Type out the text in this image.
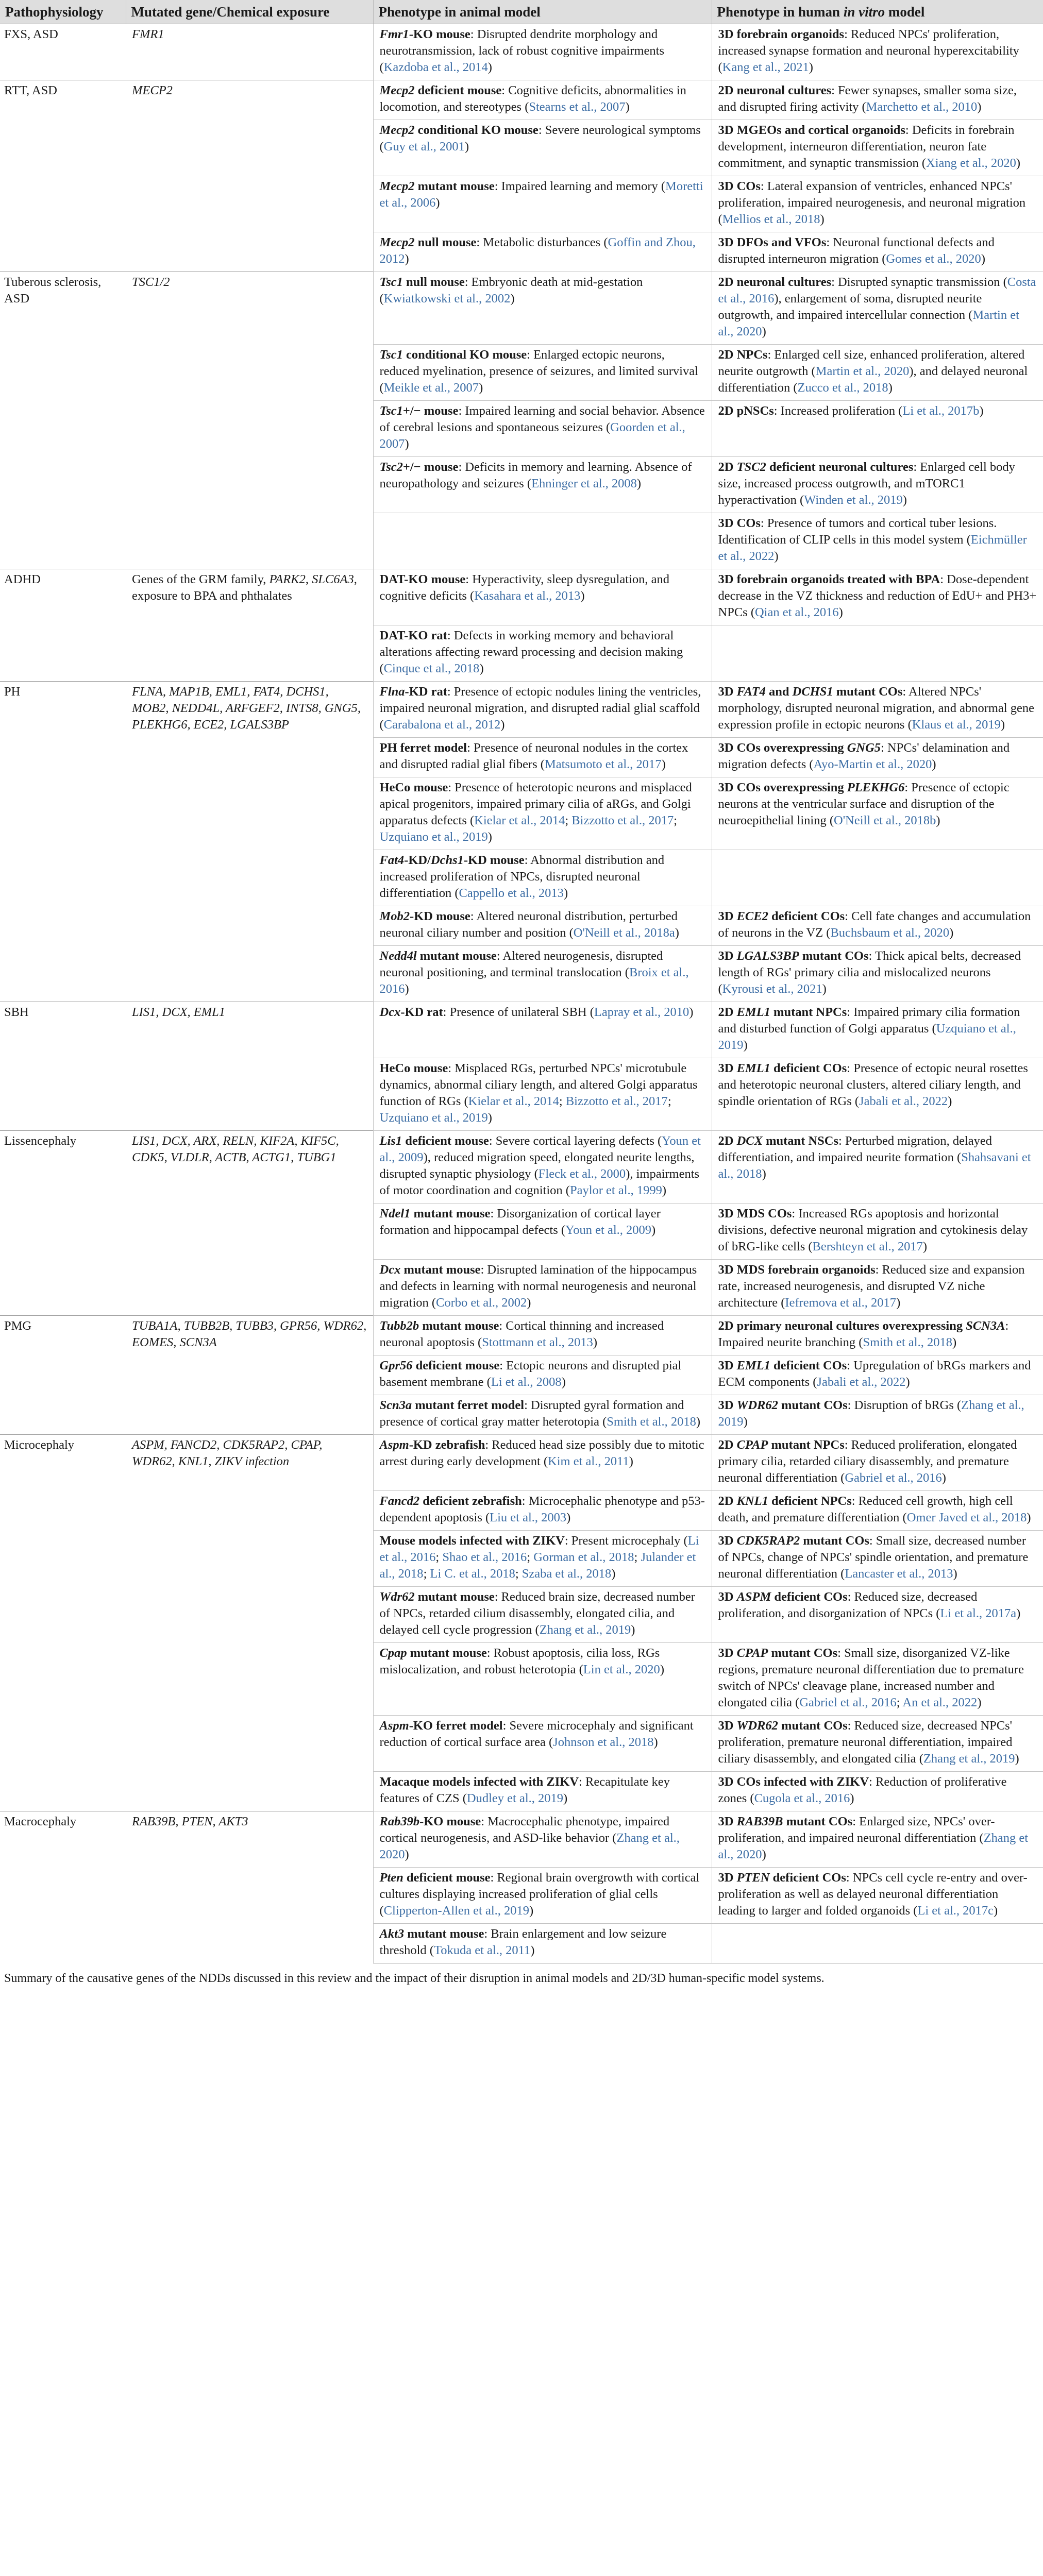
Pathophysiology	Mutated gene/Chemical exposure	Phenotype in animal model	Phenotype in human in vitro model
FXS, ASD	FMR1	Fmr1-KO mouse: Disrupted dendrite morphology and neurotransmission, lack of robust cognitive impairments (Kazdoba et al., 2014)	3D forebrain organoids: Reduced NPCs' proliferation, increased synapse formation and neuronal hyperexcitability (Kang et al., 2021)
RTT, ASD	MECP2	Mecp2 deficient mouse: Cognitive deficits, abnormalities in locomotion, and stereotypes (Stearns et al., 2007)	2D neuronal cultures: Fewer synapses, smaller soma size, and disrupted firing activity (Marchetto et al., 2010)
		Mecp2 conditional KO mouse: Severe neurological symptoms (Guy et al., 2001)	3D MGEOs and cortical organoids: Deficits in forebrain development, interneuron differentiation, neuron fate commitment, and synaptic transmission (Xiang et al., 2020)
		Mecp2 mutant mouse: Impaired learning and memory (Moretti et al., 2006)	3D COs: Lateral expansion of ventricles, enhanced NPCs' proliferation, impaired neurogenesis, and neuronal migration (Mellios et al., 2018)
		Mecp2 null mouse: Metabolic disturbances (Goffin and Zhou, 2012)	3D DFOs and VFOs: Neuronal functional defects and disrupted interneuron migration (Gomes et al., 2020)
Tuberous sclerosis, ASD	TSC1/2	Tsc1 null mouse: Embryonic death at mid-gestation (Kwiatkowski et al., 2002)	2D neuronal cultures: Disrupted synaptic transmission (Costa et al., 2016), enlargement of soma, disrupted neurite outgrowth, and impaired intercellular connection (Martin et al., 2020)
		Tsc1 conditional KO mouse: Enlarged ectopic neurons, reduced myelination, presence of seizures, and limited survival (Meikle et al., 2007)	2D NPCs: Enlarged cell size, enhanced proliferation, altered neurite outgrowth (Martin et al., 2020), and delayed neuronal differentiation (Zucco et al., 2018)
		Tsc1+/− mouse: Impaired learning and social behavior. Absence of cerebral lesions and spontaneous seizures (Goorden et al., 2007)	2D pNSCs: Increased proliferation (Li et al., 2017b)
		Tsc2+/− mouse: Deficits in memory and learning. Absence of neuropathology and seizures (Ehninger et al., 2008)	2D TSC2 deficient neuronal cultures: Enlarged cell body size, increased process outgrowth, and mTORC1 hyperactivation (Winden et al., 2019)
			3D COs: Presence of tumors and cortical tuber lesions. Identification of CLIP cells in this model system (Eichmüller et al., 2022)
ADHD	Genes of the GRM family, PARK2, SLC6A3, exposure to BPA and phthalates	DAT-KO mouse: Hyperactivity, sleep dysregulation, and cognitive deficits (Kasahara et al., 2013)	3D forebrain organoids treated with BPA: Dose-dependent decrease in the VZ thickness and reduction of EdU+ and PH3+ NPCs (Qian et al., 2016)
		DAT-KO rat: Defects in working memory and behavioral alterations affecting reward processing and decision making (Cinque et al., 2018)	
PH	FLNA, MAP1B, EML1, FAT4, DCHS1, MOB2, NEDD4L, ARFGEF2, INTS8, GNG5, PLEKHG6, ECE2, LGALS3BP	Flna-KD rat: Presence of ectopic nodules lining the ventricles, impaired neuronal migration, and disrupted radial glial scaffold (Carabalona et al., 2012)	3D FAT4 and DCHS1 mutant COs: Altered NPCs' morphology, disrupted neuronal migration, and abnormal gene expression profile in ectopic neurons (Klaus et al., 2019)
		PH ferret model: Presence of neuronal nodules in the cortex and disrupted radial glial fibers (Matsumoto et al., 2017)	3D COs overexpressing GNG5: NPCs' delamination and migration defects (Ayo-Martin et al., 2020)
		HeCo mouse: Presence of heterotopic neurons and misplaced apical progenitors, impaired primary cilia of aRGs, and Golgi apparatus defects (Kielar et al., 2014; Bizzotto et al., 2017; Uzquiano et al., 2019)	3D COs overexpressing PLEKHG6: Presence of ectopic neurons at the ventricular surface and disruption of the neuroepithelial lining (O'Neill et al., 2018b)
		Fat4-KD/Dchs1-KD mouse: Abnormal distribution and increased proliferation of NPCs, disrupted neuronal differentiation (Cappello et al., 2013)	
		Mob2-KD mouse: Altered neuronal distribution, perturbed neuronal ciliary number and position (O'Neill et al., 2018a)	3D ECE2 deficient COs: Cell fate changes and accumulation of neurons in the VZ (Buchsbaum et al., 2020)
		Nedd4l mutant mouse: Altered neurogenesis, disrupted neuronal positioning, and terminal translocation (Broix et al., 2016)	3D LGALS3BP mutant COs: Thick apical belts, decreased length of RGs' primary cilia and mislocalized neurons (Kyrousi et al., 2021)
SBH	LIS1, DCX, EML1	Dcx-KD rat: Presence of unilateral SBH (Lapray et al., 2010)	2D EML1 mutant NPCs: Impaired primary cilia formation and disturbed function of Golgi apparatus (Uzquiano et al., 2019)
		HeCo mouse: Misplaced RGs, perturbed NPCs' microtubule dynamics, abnormal ciliary length, and altered Golgi apparatus function of RGs (Kielar et al., 2014; Bizzotto et al., 2017; Uzquiano et al., 2019)	3D EML1 deficient COs: Presence of ectopic neural rosettes and heterotopic neuronal clusters, altered ciliary length, and spindle orientation of RGs (Jabali et al., 2022)
Lissencephaly	LIS1, DCX, ARX, RELN, KIF2A, KIF5C, CDK5, VLDLR, ACTB, ACTG1, TUBG1	Lis1 deficient mouse: Severe cortical layering defects (Youn et al., 2009), reduced migration speed, elongated neurite lengths, disrupted synaptic physiology (Fleck et al., 2000), impairments of motor coordination and cognition (Paylor et al., 1999)	2D DCX mutant NSCs: Perturbed migration, delayed differentiation, and impaired neurite formation (Shahsavani et al., 2018)
		Ndel1 mutant mouse: Disorganization of cortical layer formation and hippocampal defects (Youn et al., 2009)	3D MDS COs: Increased RGs apoptosis and horizontal divisions, defective neuronal migration and cytokinesis delay of bRG-like cells (Bershteyn et al., 2017)
		Dcx mutant mouse: Disrupted lamination of the hippocampus and defects in learning with normal neurogenesis and neuronal migration (Corbo et al., 2002)	3D MDS forebrain organoids: Reduced size and expansion rate, increased neurogenesis, and disrupted VZ niche architecture (Iefremova et al., 2017)
PMG	TUBA1A, TUBB2B, TUBB3, GPR56, WDR62, EOMES, SCN3A	Tubb2b mutant mouse: Cortical thinning and increased neuronal apoptosis (Stottmann et al., 2013)	2D primary neuronal cultures overexpressing SCN3A: Impaired neurite branching (Smith et al., 2018)
		Gpr56 deficient mouse: Ectopic neurons and disrupted pial basement membrane (Li et al., 2008)	3D EML1 deficient COs: Upregulation of bRGs markers and ECM components (Jabali et al., 2022)
		Scn3a mutant ferret model: Disrupted gyral formation and presence of cortical gray matter heterotopia (Smith et al., 2018)	3D WDR62 mutant COs: Disruption of bRGs (Zhang et al., 2019)
Microcephaly	ASPM, FANCD2, CDK5RAP2, CPAP, WDR62, KNL1, ZIKV infection	Aspm-KD zebrafish: Reduced head size possibly due to mitotic arrest during early development (Kim et al., 2011)	2D CPAP mutant NPCs: Reduced proliferation, elongated primary cilia, retarded ciliary disassembly, and premature neuronal differentiation (Gabriel et al., 2016)
		Fancd2 deficient zebrafish: Microcephalic phenotype and p53-dependent apoptosis (Liu et al., 2003)	2D KNL1 deficient NPCs: Reduced cell growth, high cell death, and premature differentiation (Omer Javed et al., 2018)
		Mouse models infected with ZIKV: Present microcephaly (Li et al., 2016; Shao et al., 2016; Gorman et al., 2018; Julander et al., 2018; Li C. et al., 2018; Szaba et al., 2018)	3D CDK5RAP2 mutant COs: Small size, decreased number of NPCs, change of NPCs' spindle orientation, and premature neuronal differentiation (Lancaster et al., 2013)
		Wdr62 mutant mouse: Reduced brain size, decreased number of NPCs, retarded cilium disassembly, elongated cilia, and delayed cell cycle progression (Zhang et al., 2019)	3D ASPM deficient COs: Reduced size, decreased proliferation, and disorganization of NPCs (Li et al., 2017a)
		Cpap mutant mouse: Robust apoptosis, cilia loss, RGs mislocalization, and robust heterotopia (Lin et al., 2020)	3D CPAP mutant COs: Small size, disorganized VZ-like regions, premature neuronal differentiation due to premature switch of NPCs' cleavage plane, increased number and elongated cilia (Gabriel et al., 2016; An et al., 2022)
		Aspm-KO ferret model: Severe microcephaly and significant reduction of cortical surface area (Johnson et al., 2018)	3D WDR62 mutant COs: Reduced size, decreased NPCs' proliferation, premature neuronal differentiation, impaired ciliary disassembly, and elongated cilia (Zhang et al., 2019)
		Macaque models infected with ZIKV: Recapitulate key features of CZS (Dudley et al., 2019)	3D COs infected with ZIKV: Reduction of proliferative zones (Cugola et al., 2016)
Macrocephaly	RAB39B, PTEN, AKT3	Rab39b-KO mouse: Macrocephalic phenotype, impaired cortical neurogenesis, and ASD-like behavior (Zhang et al., 2020)	3D RAB39B mutant COs: Enlarged size, NPCs' over-proliferation, and impaired neuronal differentiation (Zhang et al., 2020)
		Pten deficient mouse: Regional brain overgrowth with cortical cultures displaying increased proliferation of glial cells (Clipperton-Allen et al., 2019)	3D PTEN deficient COs: NPCs cell cycle re-entry and over-proliferation as well as delayed neuronal differentiation leading to larger and folded organoids (Li et al., 2017c)
		Akt3 mutant mouse: Brain enlargement and low seizure threshold (Tokuda et al., 2011)	
Summary of the causative genes of the NDDs discussed in this review and the impact of their disruption in animal models and 2D/3D human-specific model systems.
